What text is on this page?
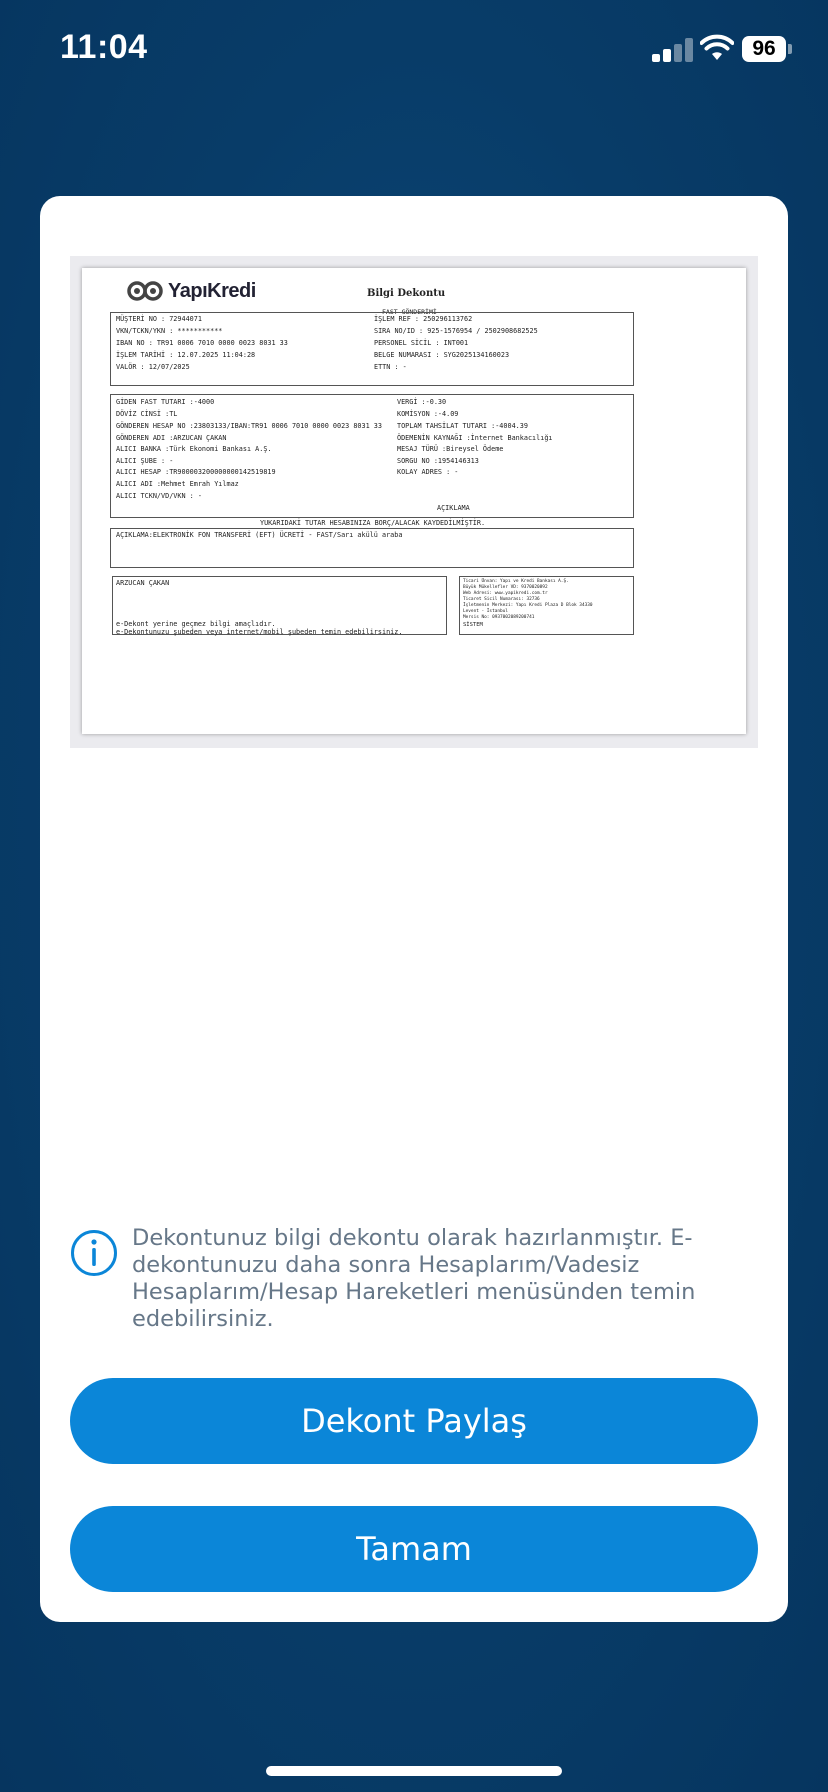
11:04	96
YapıKredi	Bilgi Dekontu
FAST GÖNDERİMİ
MÜŞTERİ NO : 72944071
VKN/TCKN/YKN : ***********
IBAN NO : TR91 0006 7010 0000 0023 8031 33
İŞLEM TARİHİ : 12.07.2025 11:04:28
VALÖR : 12/07/2025
İŞLEM REF : 250296113762
SIRA NO/ID : 925-1576954 / 2502908682525
PERSONEL SİCİL : INT001
BELGE NUMARASI : SYG2025134160023
ETTN : -
GİDEN FAST TUTARI :-4000
DÖVİZ CİNSİ :TL
GÖNDEREN HESAP NO :23803133/IBAN:TR91 0006 7010 0000 0023 8031 33
GÖNDEREN ADI :ARZUCAN ÇAKAN
ALICI BANKA :Türk Ekonomi Bankası A.Ş.
ALICI ŞUBE : -
ALICI HESAP :TR900003200000000142519819
ALICI ADI :Mehmet Emrah Yılmaz
ALICI TCKN/VD/VKN : -
VERGİ :-0.30
KOMİSYON :-4.09
TOPLAM TAHSİLAT TUTARI :-4004.39
ÖDEMENİN KAYNAĞI :İnternet Bankacılığı
MESAJ TÜRÜ :Bireysel Ödeme
SORGU NO :1954146313
KOLAY ADRES : -
AÇIKLAMA
YUKARIDAKİ TUTAR HESABINIZA BORÇ/ALACAK KAYDEDİLMİŞTİR.
AÇIKLAMA:ELEKTRONİK FON TRANSFERİ (EFT) ÜCRETİ - FAST/Sarı akülü araba
ARZUCAN ÇAKAN
e-Dekont yerine geçmez bilgi amaçlıdır.
e-Dekontunuzu şubeden veya internet/mobil şubeden temin edebilirsiniz.
Ticari Ünvan: Yapı ve Kredi Bankası A.Ş.
Büyük Mükellefler VD: 9370020892
Web Adresi: www.yapikredi.com.tr
Ticaret Sicil Numarası: 32736
İşletmenin Merkezi: Yapı Kredi Plaza D Blok 34330
Levent - İstanbul
Mersis No: 0937002089200741
SİSTEM
Dekontunuz bilgi dekontu olarak hazırlanmıştır. E-dekontunuzu daha sonra Hesaplarım/Vadesiz Hesaplarım/Hesap Hareketleri menüsünden temin edebilirsiniz.
Dekont Paylaş
Tamam
